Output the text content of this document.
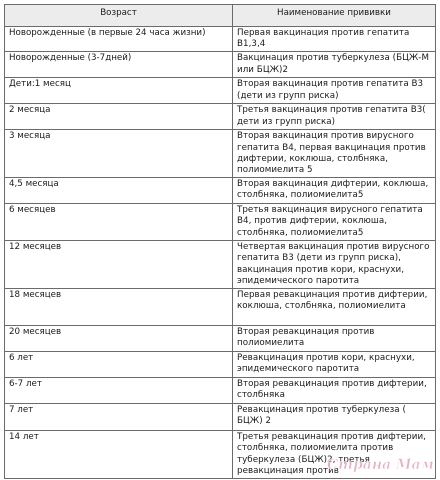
Возраст	Наименование прививки
Новорожденные (в первые 24 часа жизни)	Первая вакцинация против гепатита В1,3,4
Новорожденные (3-7дней)	Вакцинация против туберкулеза (БЦЖ-М или БЦЖ)2
Дети:1 месяц	Вторая вакцинация против гепатита В3 (дети из групп риска)
2 месяца	Третья вакцинация против гепатита В3( дети из групп риска)
3 месяца	Вторая вакцинация против вирусного гепатита В4, первая вакцинация против дифтерии, коклюша, столбняка, полиомиелита 5
4,5 месяца	Вторая вакцинация дифтерии, коклюша, столбняка, полиомиелита5
6 месяцев	Третья вакцинация вирусного гепатита В4, против дифтерии, коклюша, столбняка, полиомиелита5
12 месяцев	Четвертая вакцинация против вирусного гепатита В3 (дети из групп риска), вакцинация против кори, краснухи, эпидемического паротита
18 месяцев	Первая ревакцинация против дифтерии, коклюша, столбняка, полиомиелита
20 месяцев	Вторая ревакцинация против полиомиелита
6 лет	Ревакцинация против кори, краснухи, эпидемического паротита
6-7 лет	Вторая ревакцинация против дифтерии, столбняка
7 лет	Ревакцинация против туберкулеза ( БЦЖ) 2
14 лет	Третья ревакцинация против дифтерии, столбняка, полиомиелита против туберкулеза (БЦЖ)2, третья ревакцинация против
Страна Мам
